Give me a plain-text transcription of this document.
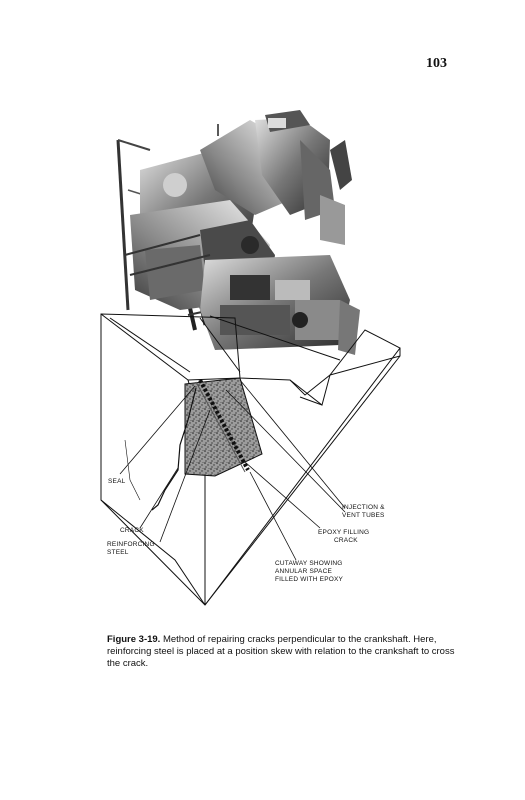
103
SEAL
INJECTION &
VENT TUBES
EPOXY FILLING
CRACK
CRACK
REINFORCING
STEEL
CUTAWAY SHOWING
ANNULAR SPACE
FILLED WITH EPOXY
Figure 3-19. Method of repairing cracks perpendicular to the crankshaft. Here, reinforcing steel is placed at a position skew with relation to the crankshaft to cross the crack.
